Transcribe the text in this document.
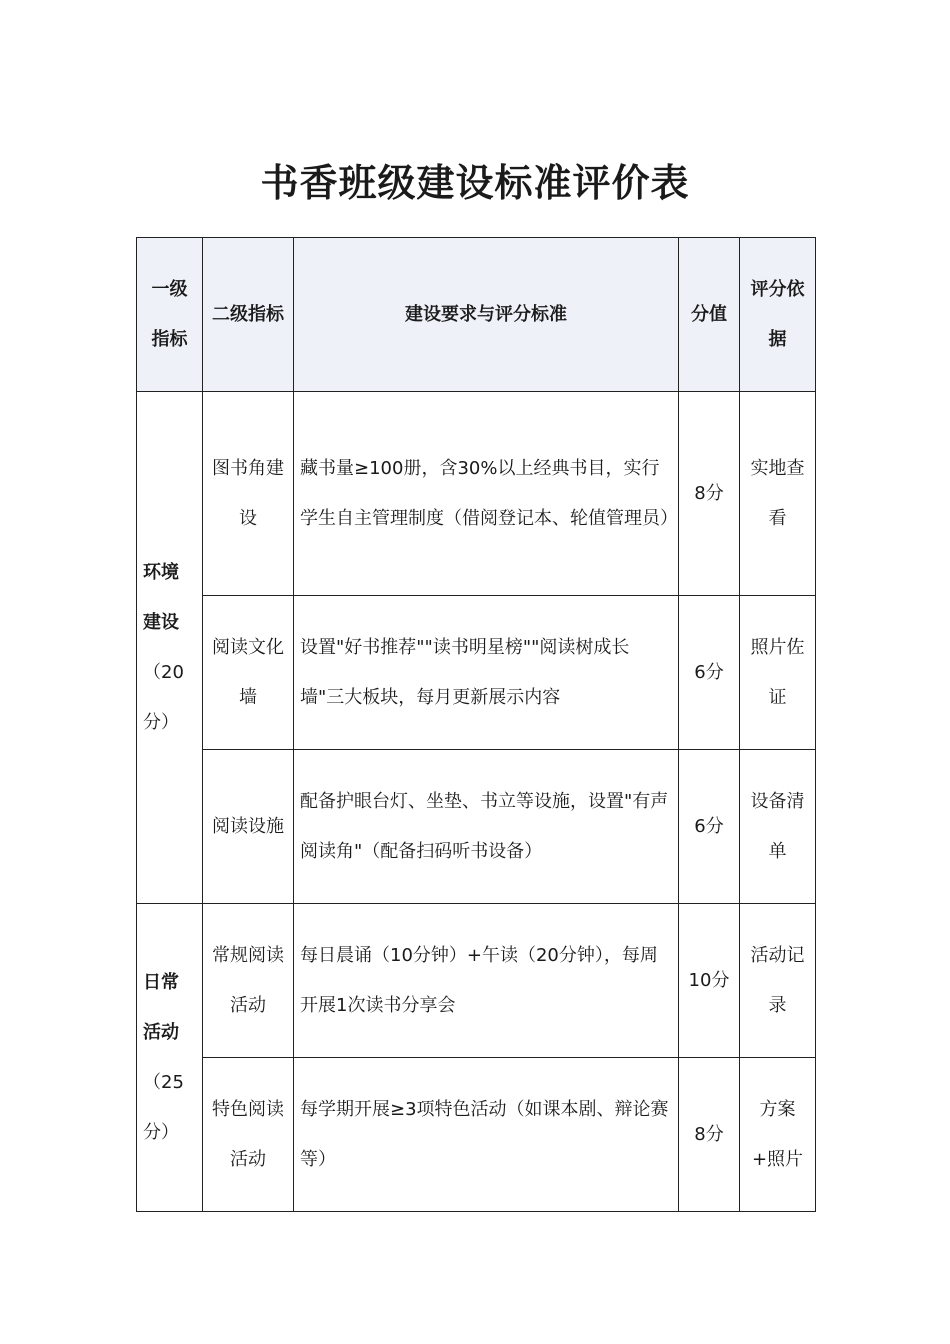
书香班级建设标准评价表
一级指标	二级指标	建设要求与评分标准	分值	评分依据

环境建设
（20分）	图书角建设	藏书量≥100册，含30%以上经典书目，实行学生自主管理制度（借阅登记本、轮值管理员）	8分	实地查看
	阅读文化墙	设置"好书推荐""读书明星榜""阅读树成长墙"三大板块，每月更新展示内容	6分	照片佐证
	阅读设施	配备护眼台灯、坐垫、书立等设施，设置"有声阅读角"（配备扫码听书设备）	6分	设备清单

日常活动
（25分）	常规阅读活动	每日晨诵（10分钟）+午读（20分钟），每周开展1次读书分享会	10分	活动记录
	特色阅读活动	每学期开展≥3项特色活动（如课本剧、辩论赛等）	8分	方案+照片
